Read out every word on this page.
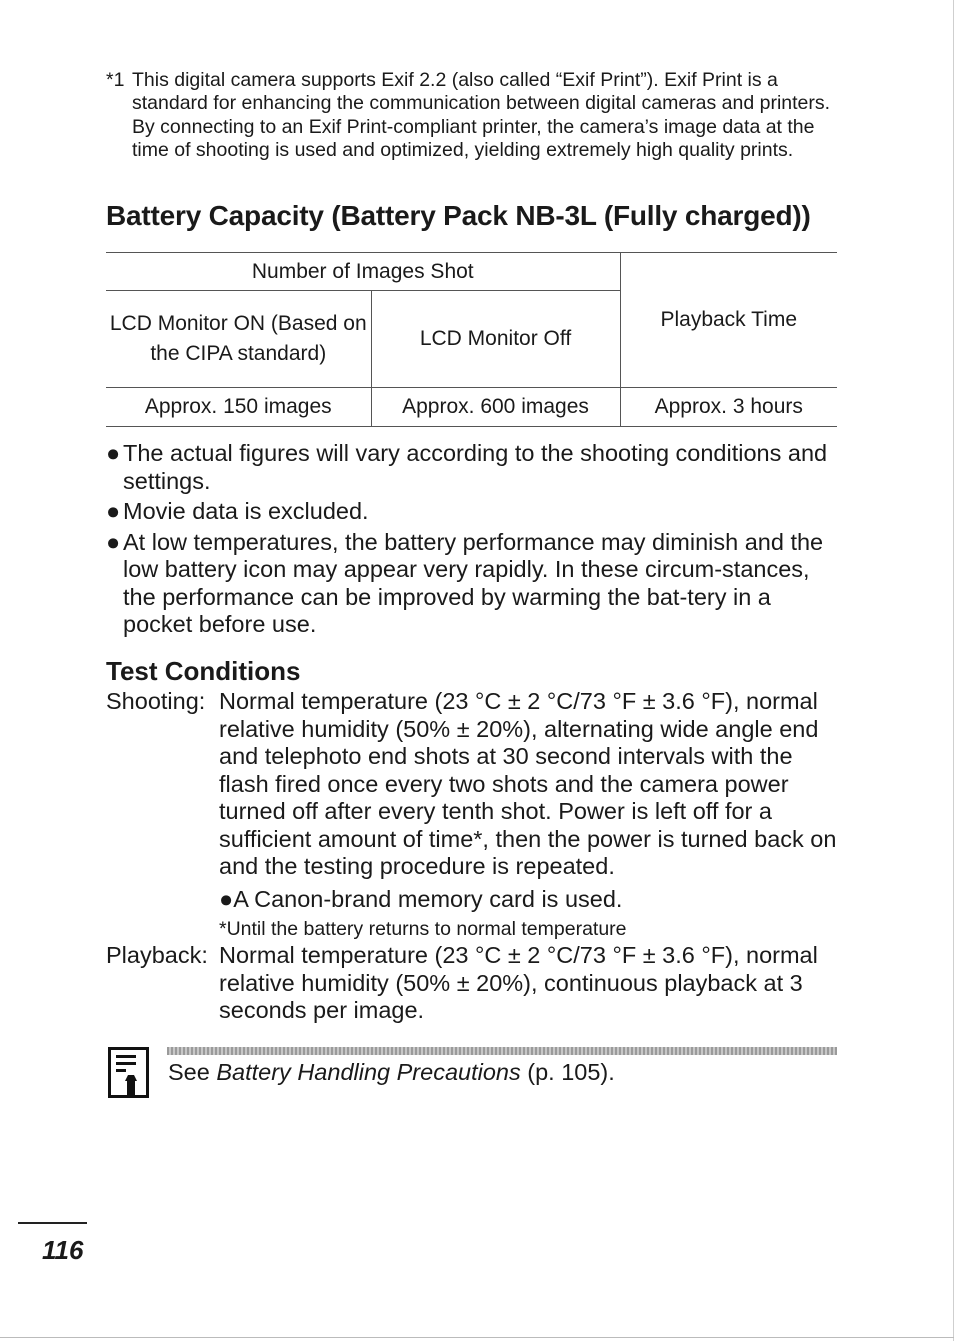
*1 This digital camera supports Exif 2.2 (also called “Exif Print”). Exif Print is a standard for enhancing the communication between digital cameras and printers. By connecting to an Exif Print-compliant printer, the camera’s image data at the time of shooting is used and optimized, yielding extremely high quality prints.
Battery Capacity (Battery Pack NB-3L (Fully charged))
Number of Images Shot		Playback Time
LCD Monitor ON (Based on the CIPA standard)	LCD Monitor Off	
Approx. 150 images	Approx. 600 images	Approx. 3 hours
● The actual figures will vary according to the shooting conditions and settings.
● Movie data is excluded.
● At low temperatures, the battery performance may diminish and the low battery icon may appear very rapidly. In these circum-stances, the performance can be improved by warming the bat-tery in a pocket before use.
Test Conditions
Shooting: Normal temperature (23 °C ± 2 °C/73 °F ± 3.6 °F), normal relative humidity (50% ± 20%), alternating wide angle end and telephoto end shots at 30 second intervals with the flash fired once every two shots and the camera power turned off after every tenth shot. Power is left off for a sufficient amount of time*, then the power is turned back on and the testing procedure is repeated.
●A Canon-brand memory card is used.
*Until the battery returns to normal temperature
Playback: Normal temperature (23 °C ± 2 °C/73 °F ± 3.6 °F), normal relative humidity (50% ± 20%), continuous playback at 3 seconds per image.
See Battery Handling Precautions (p. 105).
116
